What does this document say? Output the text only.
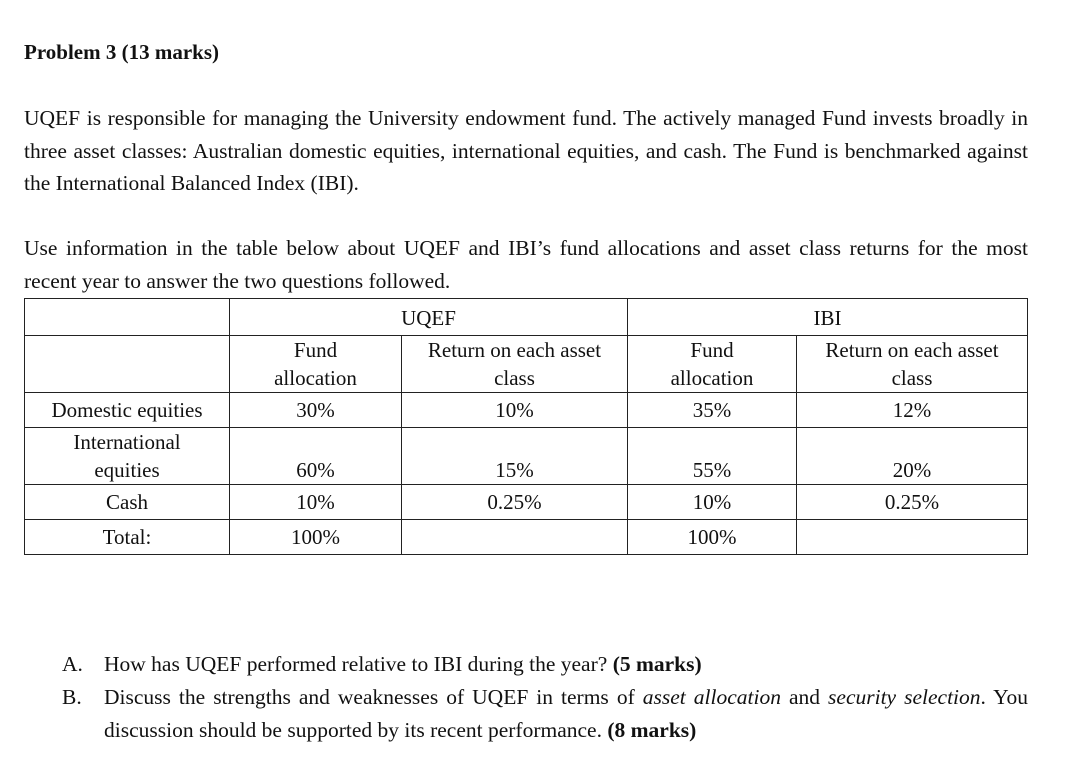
Problem 3 (13 marks)
UQEF is responsible for managing the University endowment fund. The actively managed Fund invests broadly in three asset classes: Australian domestic equities, international equities, and cash. The Fund is benchmarked against the International Balanced Index (IBI).
Use information in the table below about UQEF and IBI’s fund allocations and asset class returns for the most recent year to answer the two questions followed.
	UQEF		IBI	
	Fund allocation	Return on each asset class	Fund allocation	Return on each asset class
Domestic equities	30%	10%	35%	12%
International equities	60%	15%	55%	20%
Cash	10%	0.25%	10%	0.25%
Total:	100%		100%	
A. How has UQEF performed relative to IBI during the year? (5 marks)
B. Discuss the strengths and weaknesses of UQEF in terms of asset allocation and security selection. You discussion should be supported by its recent performance. (8 marks)
